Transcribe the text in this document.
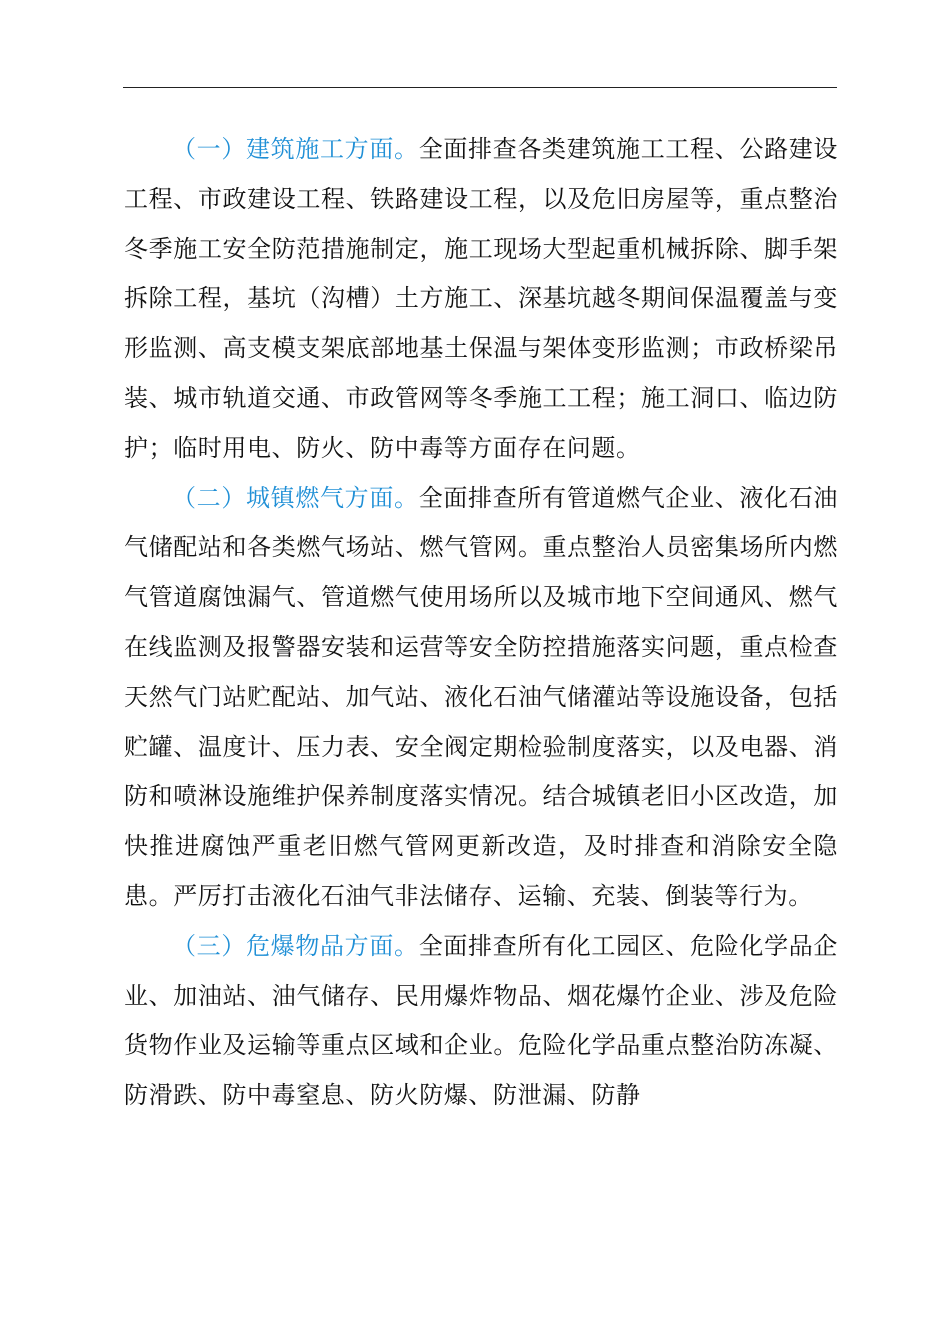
（一）建筑施工方面。全面排查各类建筑施工工程、公路建设工程、市政建设工程、铁路建设工程，以及危旧房屋等，重点整治冬季施工安全防范措施制定，施工现场大型起重机械拆除、脚手架拆除工程，基坑（沟槽）土方施工、深基坑越冬期间保温覆盖与变形监测、高支模支架底部地基土保温与架体变形监测；市政桥梁吊装、城市轨道交通、市政管网等冬季施工工程；施工洞口、临边防护；临时用电、防火、防中毒等方面存在问题。

（二）城镇燃气方面。全面排查所有管道燃气企业、液化石油气储配站和各类燃气场站、燃气管网。重点整治人员密集场所内燃气管道腐蚀漏气、管道燃气使用场所以及城市地下空间通风、燃气在线监测及报警器安装和运营等安全防控措施落实问题，重点检查天然气门站贮配站、加气站、液化石油气储灌站等设施设备，包括贮罐、温度计、压力表、安全阀定期检验制度落实，以及电器、消防和喷淋设施维护保养制度落实情况。结合城镇老旧小区改造，加快推进腐蚀严重老旧燃气管网更新改造，及时排查和消除安全隐患。严厉打击液化石油气非法储存、运输、充装、倒装等行为。

（三）危爆物品方面。全面排查所有化工园区、危险化学品企业、加油站、油气储存、民用爆炸物品、烟花爆竹企业、涉及危险货物作业及运输等重点区域和企业。危险化学品重点整治防冻凝、防滑跌、防中毒窒息、防火防爆、防泄漏、防静
